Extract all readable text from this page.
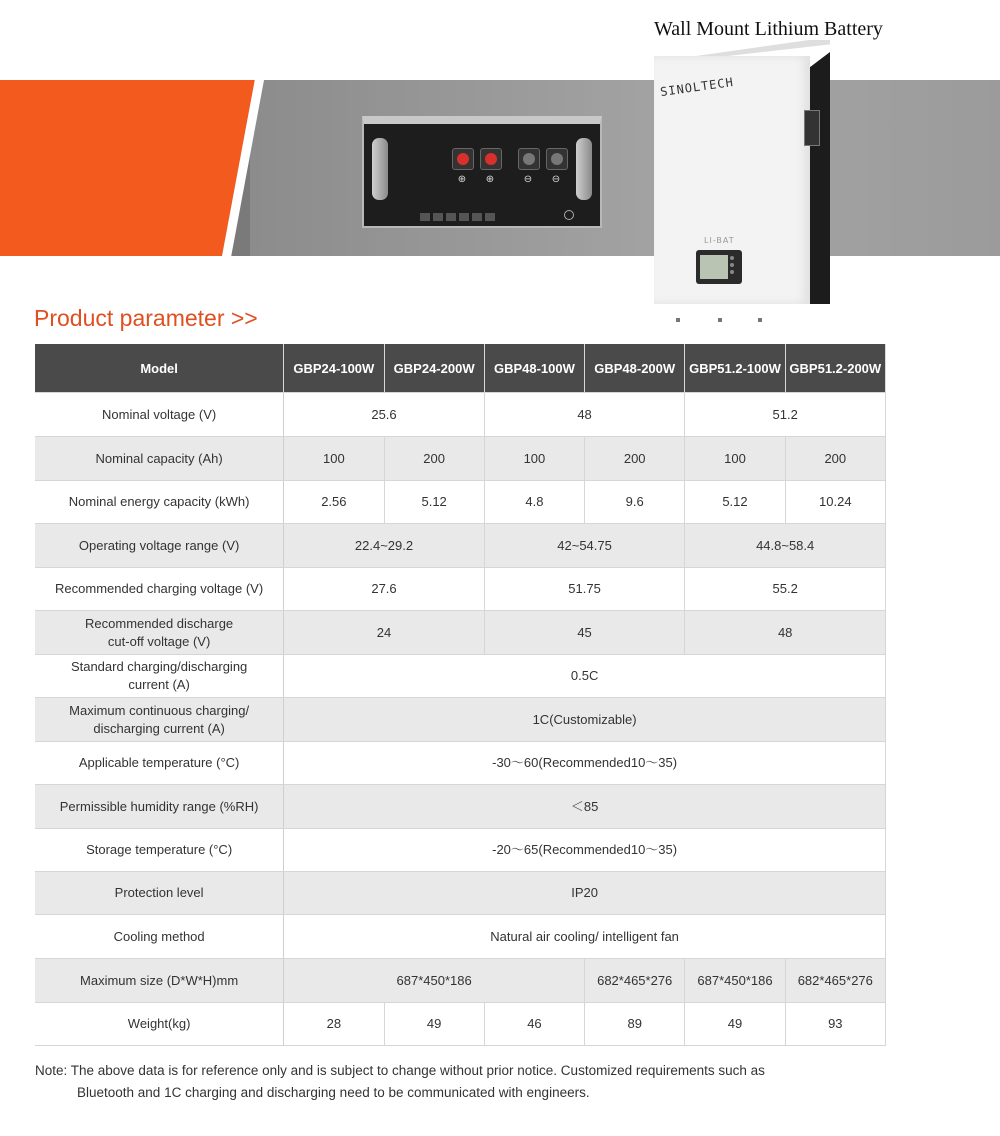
Wall Mount Lithium Battery
⊕	⊕	⊖	⊖
SINOLTECH
LI-BAT
Product parameter >>
Model	GBP24-100W	GBP24-200W	GBP48-100W	GBP48-200W	GBP51.2-100W	GBP51.2-200W
Nominal voltage (V)	25.6		48		51.2	
Nominal capacity (Ah)	100	200	100	200	100	200
Nominal energy capacity (kWh)	2.56	5.12	4.8	9.6	5.12	10.24
Operating voltage range (V)	22.4~29.2		42~54.75		44.8~58.4	
Recommended charging voltage (V)	27.6		51.75		55.2	
Recommended discharge
cut-off voltage (V)	24		45		48	
Standard charging/discharging
current (A)	0.5C					
Maximum continuous charging/
discharging current (A)	1C(Customizable)					
Applicable temperature (°C)	-30～60(Recommended10～35)					
Permissible humidity range (%RH)	＜85					
Storage temperature (°C)	-20～65(Recommended10～35)					
Protection level	IP20					
Cooling method	Natural air cooling/ intelligent fan					
Maximum size (D*W*H)mm	687*450*186			682*465*276	687*450*186	682*465*276
Weight(kg)	28	49	46	89	49	93
Note: The above data is for reference only and is subject to change without prior notice. Customized requirements such as
Bluetooth and 1C charging and discharging need to be communicated with engineers.
